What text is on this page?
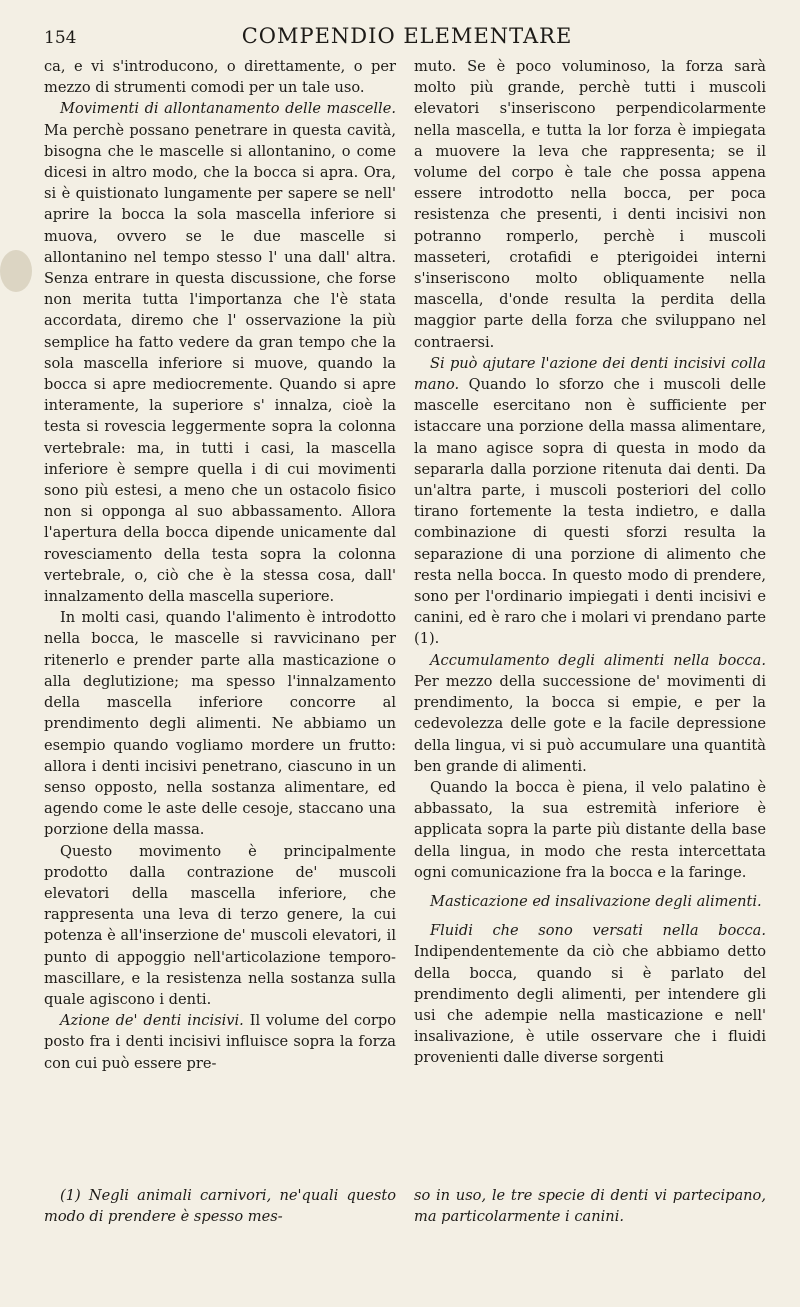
154	COMPENDIO ELEMENTARE

ca, e vi s'introducono, o direttamente, o per mezzo di strumenti comodi per un tale uso.

Movimenti di allontanamento delle mascelle. Ma perchè possano penetrare in questa cavità, bisogna che le mascelle si allontanino, o come dicesi in altro modo, che la bocca si apra. Ora, si è quistionato lungamente per sapere se nell' aprire la bocca la sola mascella inferiore si muova, ovvero se le due mascelle si allontanino nel tempo stesso l' una dall' altra. Senza entrare in questa discussione, che forse non merita tutta l'importanza che l'è stata accordata, diremo che l' osservazione la più semplice ha fatto vedere da gran tempo che la sola mascella inferiore si muove, quando la bocca si apre mediocremente. Quando si apre interamente, la superiore s' innalza, cioè la testa si rovescia leggermente sopra la colonna vertebrale: ma, in tutti i casi, la mascella inferiore è sempre quella i di cui movimenti sono più estesi, a meno che un ostacolo fisico non si opponga al suo abbassamento. Allora l'apertura della bocca dipende unicamente dal rovesciamento della testa sopra la colonna vertebrale, o, ciò che è la stessa cosa, dall' innalzamento della mascella superiore.

In molti casi, quando l'alimento è introdotto nella bocca, le mascelle si ravvicinano per ritenerlo e prender parte alla masticazione o alla deglutizione; ma spesso l'innalzamento della mascella inferiore concorre al prendimento degli alimenti. Ne abbiamo un esempio quando vogliamo mordere un frutto: allora i denti incisivi penetrano, ciascuno in un senso opposto, nella sostanza alimentare, ed agendo come le aste delle cesoje, staccano una porzione della massa.

Questo movimento è principalmente prodotto dalla contrazione de' muscoli elevatori della mascella inferiore, che rappresenta una leva di terzo genere, la cui potenza è all'inserzione de' muscoli elevatori, il punto di appoggio nell'articolazione temporo-mascillare, e la resistenza nella sostanza sulla quale agiscono i denti.

Azione de' denti incisivi. Il volume del corpo posto fra i denti incisivi influisce sopra la forza con cui può essere pre-

muto. Se è poco voluminoso, la forza sarà molto più grande, perchè tutti i muscoli elevatori s'inseriscono perpendicolarmente nella mascella, e tutta la lor forza è impiegata a muovere la leva che rappresenta; se il volume del corpo è tale che possa appena essere introdotto nella bocca, per poca resistenza che presenti, i denti incisivi non potranno romperlo, perchè i muscoli masseteri, crotafidi e pterigoidei interni s'inseriscono molto obliquamente nella mascella, d'onde resulta la perdita della maggior parte della forza che sviluppano nel contraersi.

Si può ajutare l'azione dei denti incisivi colla mano. Quando lo sforzo che i muscoli delle mascelle esercitano non è sufficiente per istaccare una porzione della massa alimentare, la mano agisce sopra di questa in modo da separarla dalla porzione ritenuta dai denti. Da un'altra parte, i muscoli posteriori del collo tirano fortemente la testa indietro, e dalla combinazione di questi sforzi resulta la separazione di una porzione di alimento che resta nella bocca. In questo modo di prendere, sono per l'ordinario impiegati i denti incisivi e canini, ed è raro che i molari vi prendano parte (1).

Accumulamento degli alimenti nella bocca. Per mezzo della successione de' movimenti di prendimento, la bocca si empie, e per la cedevolezza delle gote e la facile depressione della lingua, vi si può accumulare una quantità ben grande di alimenti.

Quando la bocca è piena, il velo palatino è abbassato, la sua estremità inferiore è applicata sopra la parte più distante della base della lingua, in modo che resta intercettata ogni comunicazione fra la bocca e la faringe.

Masticazione ed insalivazione degli alimenti.

Fluidi che sono versati nella bocca. Indipendentemente da ciò che abbiamo detto della bocca, quando si è parlato del prendimento degli alimenti, per intendere gli usi che adempie nella masticazione e nell' insalivazione, è utile osservare che i fluidi provenienti dalle diverse sorgenti

(1) Negli animali carnivori, ne'quali questo modo di prendere è spesso mes-

so in uso, le tre specie di denti vi partecipano, ma particolarmente i canini.
